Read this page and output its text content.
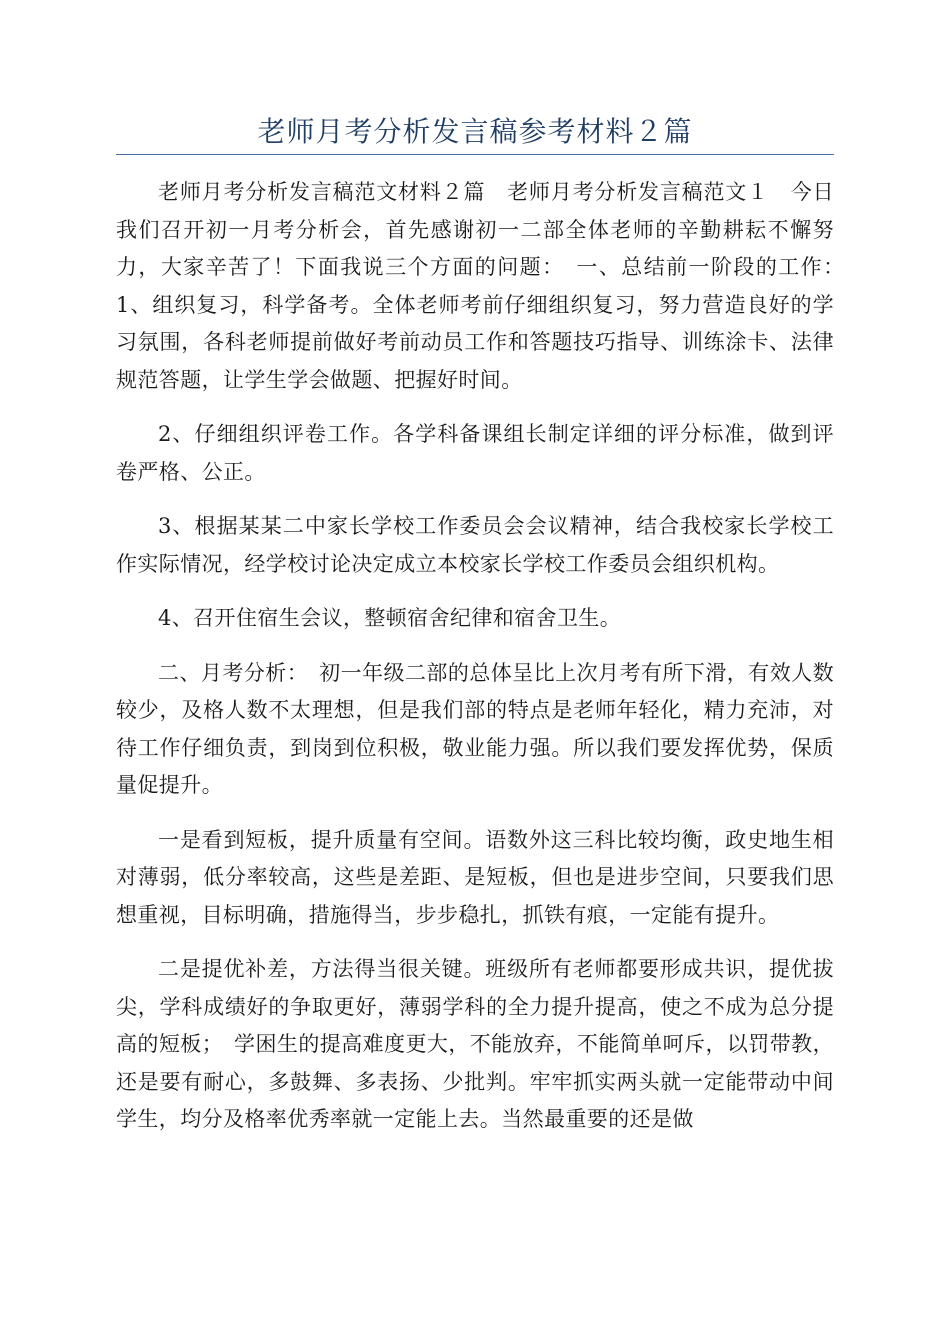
老师月考分析发言稿参考材料２篇

老师月考分析发言稿范文材料２篇　老师月考分析发言稿范文１　今日我们召开初一月考分析会，首先感谢初一二部全体老师的辛勤耕耘不懈努力，大家辛苦了！下面我说三个方面的问题：　一、总结前一阶段的工作：　1、组织复习，科学备考。全体老师考前仔细组织复习，努力营造良好的学习氛围，各科老师提前做好考前动员工作和答题技巧指导、训练涂卡、法律规范答题，让学生学会做题、把握好时间。

2、仔细组织评卷工作。各学科备课组长制定详细的评分标准，做到评卷严格、公正。

3、根据某某二中家长学校工作委员会会议精神，结合我校家长学校工作实际情况，经学校讨论决定成立本校家长学校工作委员会组织机构。

4、召开住宿生会议，整顿宿舍纪律和宿舍卫生。

二、月考分析：　初一年级二部的总体呈比上次月考有所下滑，有效人数较少，及格人数不太理想，但是我们部的特点是老师年轻化，精力充沛，对待工作仔细负责，到岗到位积极，敬业能力强。所以我们要发挥优势，保质量促提升。

一是看到短板，提升质量有空间。语数外这三科比较均衡，政史地生相对薄弱，低分率较高，这些是差距、是短板，但也是进步空间，只要我们思想重视，目标明确，措施得当，步步稳扎，抓铁有痕，一定能有提升。

二是提优补差，方法得当很关键。班级所有老师都要形成共识，提优拔尖，学科成绩好的争取更好，薄弱学科的全力提升提高，使之不成为总分提高的短板；　学困生的提高难度更大，不能放弃，不能简单呵斥，以罚带教，还是要有耐心，多鼓舞、多表扬、少批判。牢牢抓实两头就一定能带动中间学生，均分及格率优秀率就一定能上去。当然最重要的还是做
